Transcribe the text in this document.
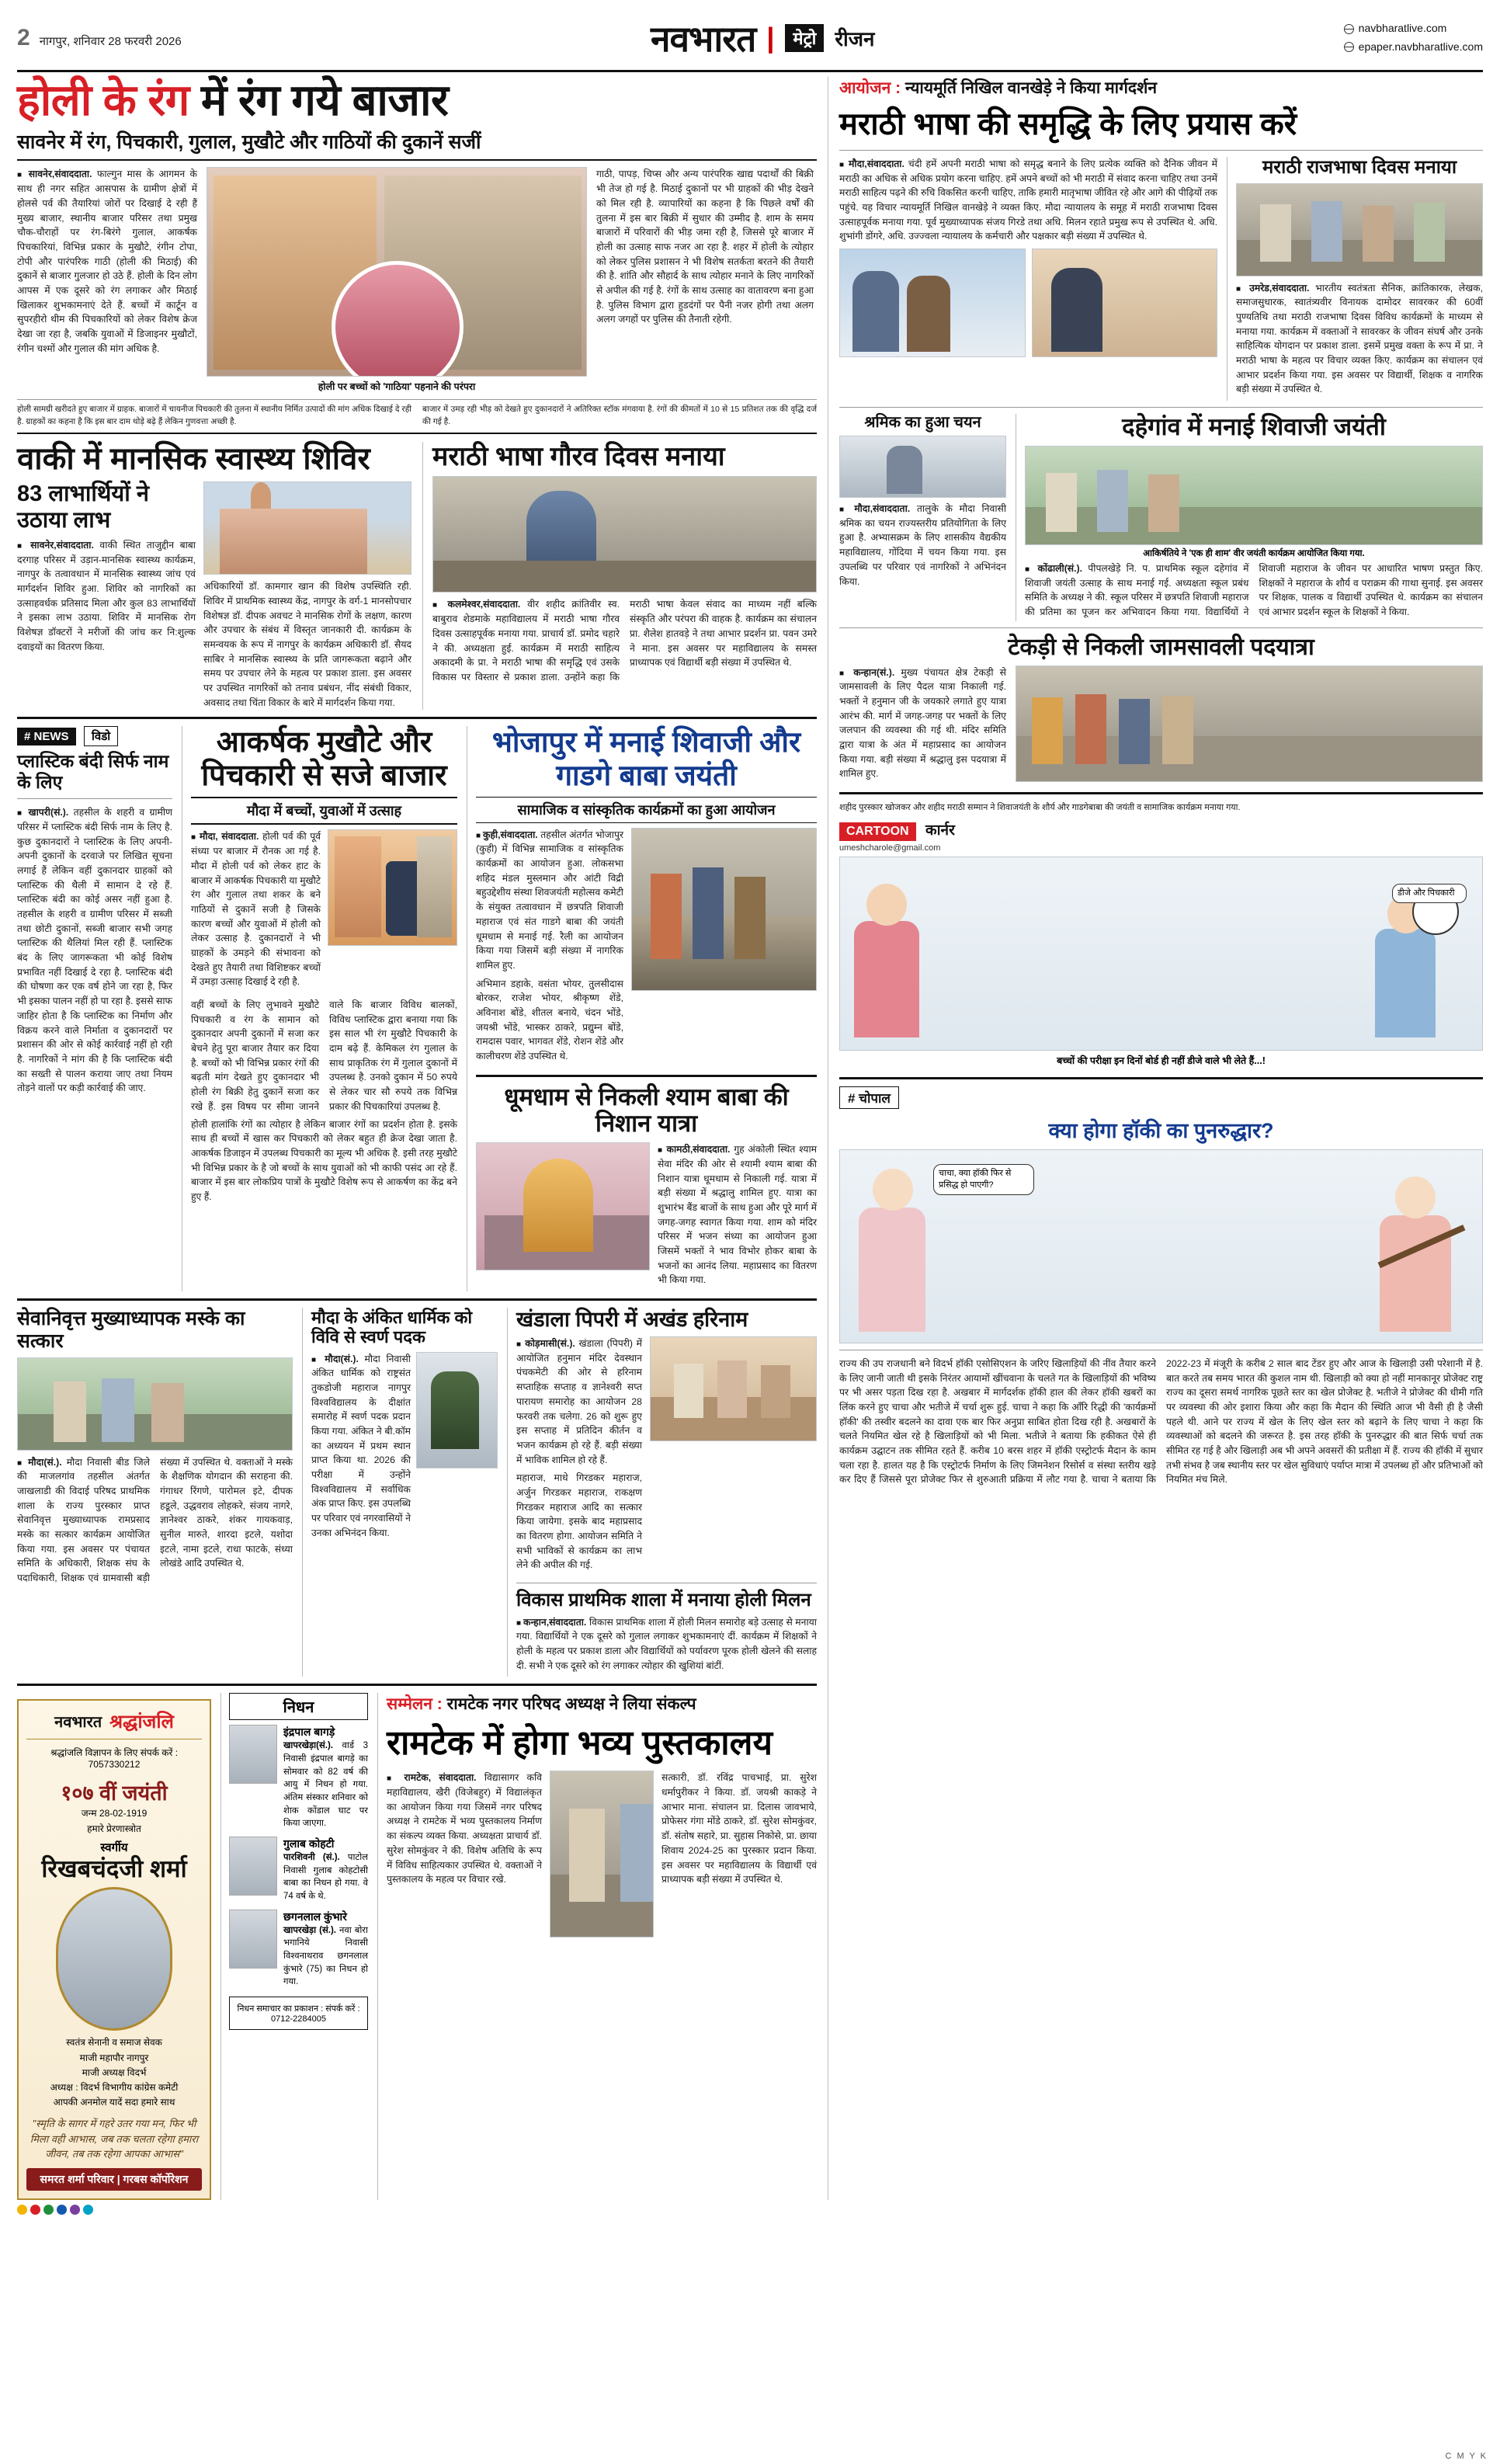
2 नागपुर, शनिवार 28 फरवरी 2026	नवभारत |	मेट्रो रीजन	navbharatlive.com
epaper.navbharatlive.com
होली के रंग में रंग गये बाजार
सावनेर में रंग, पिचकारी, गुलाल, मुखौटे और गाठियों की दुकानें सजीं

■ सावनेर,संवाददाता. फाल्गुन मास के आगमन के साथ ही नगर सहित आसपास के ग्रामीण क्षेत्रों में होलसे पर्व की तैयारियां जोरों पर दिखाई दे रही हैं मुख्य बाजार, स्थानीय बाजार परिसर तथा प्रमुख चौक-चौराहों पर रंग-बिरंगे गुलाल, आकर्षक पिचकारियां, विभिन्न प्रकार के मुखौटे, रंगीन टोपा, टोपी और पारंपरिक गाठी (होली की मिठाई) की दुकानें से बाजार गुलजार हो उठे हैं. होली के दिन लोग आपस में एक दूसरे को रंग लगाकर और मिठाई खिलाकर शुभकामनाएं देते हैं. बच्चों में कार्टून व सुपरहीरो थीम की पिचकारियों को लेकर विशेष क्रेज देखा जा रहा है, जबकि युवाओं में डिजाइनर मुखौटों, रंगीन चश्मों और गुलाल की मांग अधिक है.

होली पर बच्चों को 'गाठिया' पहनाने की परंपरा

गाठी, पापड़, चिप्स और अन्य पारंपरिक खाद्य पदार्थों की बिक्री भी तेज हो गई है. मिठाई दुकानों पर भी ग्राहकों की भीड़ देखने को मिल रही है. व्यापारियों का कहना है कि पिछले वर्षों की तुलना में इस बार बिक्री में सुधार की उम्मीद है. शाम के समय बाजारों में परिवारों की भीड़ जमा रही है, जिससे पूरे बाजार में होली का उत्साह साफ नजर आ रहा है. शहर में होली के त्योहार को लेकर पुलिस प्रशासन ने भी विशेष सतर्कता बरतने की तैयारी की है. शांति और सौहार्द के साथ त्योहार मनाने के लिए नागरिकों से अपील की गई है. रंगों के साथ उत्साह का वातावरण बना हुआ है. पुलिस विभाग द्वारा हुडदंगों पर पैनी नजर होगी तथा अलग अलग जगहों पर पुलिस की तैनाती रहेगी.

होली सामग्री खरीदते हुए बाजार में ग्राहक. बाजारों में चायनीज पिचकारी की तुलना में स्थानीय निर्मित उत्पादों की मांग अधिक दिखाई दे रही है. ग्राहकों का कहना है कि इस बार दाम थोड़े बढ़े हैं लेकिन गुणवत्ता अच्छी है.
बाजार में उमड़ रही भीड़ को देखते हुए दुकानदारों ने अतिरिक्त स्टॉक मंगवाया है. रंगों की कीमतों में 10 से 15 प्रतिशत तक की वृद्धि दर्ज की गई है.
वाकी में मानसिक स्वास्थ्य शिविर
83 लाभार्थियों ने उठाया लाभ

■ सावनेर,संवाददाता. वाकी स्थित ताजुद्दीन बाबा दरगाह परिसर में उड़ान-मानसिक स्वास्थ्य कार्यक्रम, नागपुर के तत्वावधान में मानसिक स्वास्थ्य जांच एवं मार्गदर्शन शिविर हुआ. शिविर को नागरिकों का उत्साहवर्धक प्रतिसाद मिला और कुल 83 लाभार्थियों ने इसका लाभ उठाया. शिविर में मानसिक रोग विशेषज्ञ डॉक्टरों ने मरीजों की जांच कर नि:शुल्क दवाइयों का वितरण किया.

अधिकारियों डॉ. कामगार खान की विशेष उपस्थिति रही. शिविर में प्राथमिक स्वास्थ्य केंद्र, नागपुर के वर्ग-1 मानसोपचार विशेषज्ञ डॉ. दीपक अवचट ने मानसिक रोगों के लक्षण, कारण और उपचार के संबंध में विस्तृत जानकारी दी. कार्यक्रम के समन्वयक के रूप में नागपुर के कार्यक्रम अधिकारी डॉ. सैयद साबिर ने मानसिक स्वास्थ्य के प्रति जागरूकता बढ़ाने और समय पर उपचार लेने के महत्व पर प्रकाश डाला. इस अवसर पर उपस्थित नागरिकों को तनाव प्रबंधन, नींद संबंधी विकार, अवसाद तथा चिंता विकार के बारे में मार्गदर्शन किया गया.
मराठी भाषा गौरव दिवस मनाया

■ कलमेश्वर,संवाददाता. वीर शहीद क्रांतिवीर स्व. बाबुराव शेडमाके महाविद्यालय में मराठी भाषा गौरव दिवस उत्साहपूर्वक मनाया गया. प्राचार्य डॉ. प्रमोद चहारे ने की. अध्यक्षता हुई. कार्यक्रम में मराठी साहित्य अकादमी के प्रा. ने मराठी भाषा की समृद्धि एवं उसके विकास पर विस्तार से प्रकाश डाला. उन्होंने कहा कि मराठी भाषा केवल संवाद का माध्यम नहीं बल्कि संस्कृति और परंपरा की वाहक है. कार्यक्रम का संचालन प्रा. शैलेश हातवड़े ने तथा आभार प्रदर्शन प्रा. पवन उमरे ने माना. इस अवसर पर महाविद्यालय के समस्त प्राध्यापक एवं विद्यार्थी बड़ी संख्या में उपस्थित थे.

# NEWS विडो
प्लास्टिक बंदी सिर्फ नाम के लिए

■ खापरी(सं.). तहसील के शहरी व ग्रामीण परिसर में प्लास्टिक बंदी सिर्फ नाम के लिए है. कुछ दुकानदारों ने प्लास्टिक के लिए अपनी-अपनी दुकानों के दरवाजे पर लिखित सूचना लगाई हैं लेकिन वहीं दुकानदार ग्राहकों को प्लास्टिक की थैली में सामान दे रहे हैं. प्लास्टिक बंदी का कोई असर नहीं हुआ है. तहसील के शहरी व ग्रामीण परिसर में सब्जी तथा छोटी दुकानों, सब्जी बाजार सभी जगह प्लास्टिक की थैलियां मिल रही हैं. प्लास्टिक बंद के लिए जागरूकता भी कोई विशेष प्रभावित नहीं दिखाई दे रहा है. प्लास्टिक बंदी की घोषणा कर एक वर्ष होने जा रहा है, फिर भी इसका पालन नहीं हो पा रहा है. इससे साफ जाहिर होता है कि प्लास्टिक का निर्माण और विक्रय करने वाले निर्माता व दुकानदारों पर प्रशासन की ओर से कोई कार्रवाई नहीं हो रही है. नागरिकों ने मांग की है कि प्लास्टिक बंदी का सख्ती से पालन कराया जाए तथा नियम तोड़ने वालों पर कड़ी कार्रवाई की जाए.

आकर्षक मुखौटे और
पिचकारी से सजे बाजार
मौदा में बच्चों, युवाओं में उत्साह

■ मौदा, संवाददाता. होली पर्व की पूर्व संध्या पर बाजार में रौनक आ गई है. मौदा में होली पर्व को लेकर हाट के बाजार में आकर्षक पिचकारी या मुखौटे रंग और गुलाल तथा शकर के बने गाठियों से दुकानें सजी है जिसके कारण बच्चों और युवाओं में होली को लेकर उत्साह है. दुकानदारों ने भी ग्राहकों के उमड़ने की संभावना को देखते हुए तैयारी तथा विशिष्टकर बच्चों में उमड़ा उत्साह दिखाई दे रही है.

वहीं बच्चों के लिए लुभावने मुखौटे पिचकारी व रंग के सामान को दुकानदार अपनी दुकानों में सजा कर बेचने हेतु पूरा बाजार तैयार कर दिया है. बच्चों को भी विभिन्न प्रकार रंगों की बढ़ती मांग देखते हुए दुकानदार भी होली रंग बिक्री हेतु दुकानें सजा कर रखे हैं. इस विषय पर सीमा जानने वाले कि बाजार विविध बालकों, विविध प्लास्टिक द्वारा बनाया गया कि इस साल भी रंग मुखौटे पिचकारी के दाम बढ़े हैं. केमिकल रंग गुलाल के साथ प्राकृतिक रंग में गुलाल दुकानों में उपलब्ध है. उनको दुकान में 50 रुपये से लेकर चार सौ रुपये तक विभिन्न प्रकार की पिचकारियां उपलब्ध है.
होली हालांकि रंगों का त्योहार है लेकिन बाजार रंगों का प्रदर्शन होता है. इसके साथ ही बच्चों में खास कर पिचकारी को लेकर बहुत ही क्रेज देखा जाता है. आकर्षक डिजाइन में उपलब्ध पिचकारी का मूल्य भी अधिक है. इसी तरह मुखौटे भी विभिन्न प्रकार के है जो बच्चों के साथ युवाओं को भी काफी पसंद आ रहे हैं. बाजार में इस बार लोकप्रिय पात्रों के मुखौटे विशेष रूप से आकर्षण का केंद्र बने हुए हैं.
भोजापुर में मनाई शिवाजी और गाडगे बाबा जयंती
सामाजिक व सांस्कृतिक कार्यक्रमों का हुआ आयोजन

■ कुही,संवाददाता. तहसील अंतर्गत भोजापुर (कुही) में विभिन्न सामाजिक व सांस्कृतिक कार्यक्रमों का आयोजन हुआ. लोकसभा शहिद मंडल मुस्लमान और आंटी विद्री बहुउद्देशीय संस्था शिवजयंती महोत्सव कमेटी के संयुक्त तत्वावधान में छत्रपति शिवाजी महाराज एवं संत गाडगे बाबा की जयंती धूमधाम से मनाई गई. रैली का आयोजन किया गया जिसमें बड़ी संख्या में नागरिक शामिल हुए.

अभिमान डहाके, वसंता भोयर, तुलसीदास बोरकर, राजेश भोयर, श्रीकृष्ण शेंडे, अविनाश बोंडे, शीतल बनाये, चंदन भोंडे, जयश्री भोंडे, भास्कर ठाकरे, प्रद्युम्न बोंडे, रामदास पवार, भागवत शेंडे, रोशन शेंडे और कालीचरण शेंडे उपस्थित थे.

धूमधाम से निकली श्याम बाबा की निशान यात्रा

■ कामठी,संवाददाता. गुह अंकोली स्थित श्याम सेवा मंदिर की ओर से श्यामी श्याम बाबा की निशान यात्रा धूमधाम से निकाली गई. यात्रा में बड़ी संख्या में श्रद्धालु शामिल हुए. यात्रा का शुभारंभ बैंड बाजों के साथ हुआ और पूरे मार्ग में जगह-जगह स्वागत किया गया. शाम को मंदिर परिसर में भजन संध्या का आयोजन हुआ जिसमें भक्तों ने भाव विभोर होकर बाबा के भजनों का आनंद लिया. महाप्रसाद का वितरण भी किया गया.

सेवानिवृत्त मुख्याध्यापक मस्के का सत्कार

■ मौदा(सं.). मौदा निवासी बीड जिले की माजलगांव तहसील अंतर्गत जाखलाडी की विदाई परिषद प्राथमिक शाला के राज्य पुरस्कार प्राप्त सेवानिवृत्त मुख्याध्यापक रामप्रसाद मस्के का सत्कार कार्यक्रम आयोजित किया गया. इस अवसर पर पंचायत समिति के अधिकारी, शिक्षक संघ के पदाधिकारी, शिक्षक एवं ग्रामवासी बड़ी संख्या में उपस्थित थे. वक्ताओं ने मस्के के शैक्षणिक योगदान की सराहना की. गंगाधर रिंगणे, पारोमल इटे, दीपक हडूले, उद्धवराव लोहकरे, संजय नागरे, ज्ञानेश्वर ठाकरे, शंकर गायकवाड़, सुनील मारुते, शारदा इटले, यशोदा इटले, नामा इटले, राधा फाटके, संध्या लोखंडे आदि उपस्थित थे.

मौदा के अंकित धार्मिक को विवि से स्वर्ण पदक

■ मौदा(सं.). मौदा निवासी अंकित धार्मिक को राष्ट्रसंत तुकडोजी महाराज नागपुर विश्वविद्यालय के दीक्षांत समारोह में स्वर्ण पदक प्रदान किया गया. अंकित ने बी.कॉम का अध्ययन में प्रथम स्थान प्राप्त किया था. 2026 की परीक्षा में उन्होंने विश्वविद्यालय में सर्वाधिक अंक प्राप्त किए. इस उपलब्धि पर परिवार एवं नगरवासियों ने उनका अभिनंदन किया.

खंडाला पिपरी में अखंड हरिनाम

■ कोड़मासी(सं.). खंडाला (पिपरी) में आयोजित हनुमान मंदिर देवस्थान पंचकमेटी की ओर से हरिनाम सप्ताहिक सप्ताह व ज्ञानेश्वरी सप्त पारायण समारोह का आयोजन 28 फरवरी तक चलेगा. 26 को शुरू हुए इस सप्ताह में प्रतिदिन कीर्तन व भजन कार्यक्रम हो रहे हैं. बड़ी संख्या में भाविक शामिल हो रहे हैं.

महाराज, माधे गिरडकर महाराज, अर्जुन गिरडकर महाराज, राकक्षण गिरडकर महाराज आदि का सत्कार किया जायेगा. इसके बाद महाप्रसाद का वितरण होगा. आयोजन समिति ने सभी भाविकों से कार्यक्रम का लाभ लेने की अपील की गई.

विकास प्राथमिक शाला में मनाया होली मिलन

■ कन्हान,संवाददाता. विकास प्राथमिक शाला में होली मिलन समारोह बड़े उत्साह से मनाया गया. विद्यार्थियों ने एक दूसरे को गुलाल लगाकर शुभकामनाएं दीं. कार्यक्रम में शिक्षकों ने होली के महत्व पर प्रकाश डाला और विद्यार्थियों को पर्यावरण पूरक होली खेलने की सलाह दी. सभी ने एक दूसरे को रंग लगाकर त्योहार की खुशियां बांटीं.

नवभारत श्रद्धांजलि
श्रद्धांजलि विज्ञापन के लिए संपर्क करें : 7057330212
१०७ वीं जयंती
जन्म 28-02-1919
हमारे प्रेरणास्त्रोत
स्वर्गीय
रिखबचंदजी शर्मा
स्वतंत्र सेनानी व समाज सेवक
माजी महापौर नागपुर
माजी अध्यक्ष विदर्भ
अध्यक्ष : विदर्भ विभागीय कांग्रेस कमेटी
आपकी अनमोल यादें सदा हमारे साथ
"स्मृति के सागर में गहरे उतर गया मन, फिर भी मिला वही आभास, जब तक चलता रहेगा हमारा जीवन, तब तक रहेगा आपका आभास"
समरत शर्मा परिवार | गरबस कॉर्पोरेशन
निधन
इंद्रपाल बागड़े
खापरखेड़ा(सं.). वार्ड 3 निवासी इंद्रपाल बागड़े का सोमवार को 82 वर्ष की आयु में निधन हो गया. अंतिम संस्कार शनिवार को शेाक कोंडाल घाट पर किया जाएगा.
गुलाब कोहटी
पारशिवनी (सं.). पाटोल निवासी गुलाब कोहटोसी बाबा का निधन हो गया. वे 74 वर्ष के थे.
छगनलाल कुंभारे
खापरखेड़ा (सं.). नवा बोरा भगानिये निवासी विश्वनाथराव छगनलाल कुंभारे (75) का निधन हो गया.
निधन समाचार का प्रकाशन : संपर्क करें : 0712-2284005
सम्मेलन : रामटेक नगर परिषद अध्यक्ष ने लिया संकल्प
रामटेक में होगा भव्य पुस्तकालय

■ रामटेक, संवाददाता. विद्यासागर कवि महाविद्यालय, खैरी (विजेबहुर) में विद्यालंकृत का आयोजन किया गया जिसमें नगर परिषद अध्यक्ष ने रामटेक में भव्य पुस्तकालय निर्माण का संकल्प व्यक्त किया. अध्यक्षता प्राचार्य डॉ. सुरेश सोमकुंवर ने की. विशेष अतिथि के रूप में विविध साहित्यकार उपस्थित थे. वक्ताओं ने पुस्तकालय के महत्व पर विचार रखे.

सत्कारी, डॉ. रविंद्र पाचभाई, प्रा. सुरेश धर्मापुरीकर ने किया. डॉ. जयश्री काकड़े ने आभार माना. संचालन प्रा. दिलास जावभाये, प्रोफेसर गंगा मोंडे ठाकरे, डॉ. सुरेश सोमकुंवर, डॉ. संतोष सहारे, प्रा. सुहास निकोसे, प्रा. छाया शिवाय 2024-25 का पुरस्कार प्रदान किया. इस अवसर पर महाविद्यालय के विद्यार्थी एवं प्राध्यापक बड़ी संख्या में उपस्थित थे.
आयोजन : न्यायमूर्ति निखिल वानखेड़े ने किया मार्गदर्शन
मराठी भाषा की समृद्धि के लिए प्रयास करें

■ मौदा,संवाददाता. चंदी हमें अपनी मराठी भाषा को समृद्ध बनाने के लिए प्रत्येक व्यक्ति को दैनिक जीवन में मराठी का अधिक से अधिक प्रयोग करना चाहिए. हमें अपने बच्चों को भी मराठी में संवाद करना चाहिए तथा उनमें मराठी साहित्य पढ़ने की रुचि विकसित करनी चाहिए, ताकि हमारी मातृभाषा जीवित रहे और आगे की पीढ़ियों तक पहुंचे. यह विचार न्यायमूर्ति निखिल वानखेड़े ने व्यक्त किए. मौदा न्यायालय के समूह में मराठी राजभाषा दिवस उत्साहपूर्वक मनाया गया. पूर्व मुख्याध्यापक संजय गिरडे तथा अधि. मिलन रहाते प्रमुख रूप से उपस्थित थे. अधि. शुभांगी डोंगरे, अधि. उज्ज्वला न्यायालय के कर्मचारी और पक्षकार बड़ी संख्या में उपस्थित थे.

मराठी राजभाषा दिवस मनाया

■ उमरेड,संवाददाता. भारतीय स्वतंत्रता सैनिक, क्रांतिकारक, लेखक, समाजसुधारक, स्वातंत्र्यवीर विनायक दामोदर सावरकर की 60वीं पुण्यतिथि तथा मराठी राजभाषा दिवस विविध कार्यक्रमों के माध्यम से मनाया गया. कार्यक्रम में वक्ताओं ने सावरकर के जीवन संघर्ष और उनके साहित्यिक योगदान पर प्रकाश डाला. इसमें प्रमुख वक्ता के रूप में प्रा. ने मराठी भाषा के महत्व पर विचार व्यक्त किए. कार्यक्रम का संचालन एवं आभार प्रदर्शन किया गया. इस अवसर पर विद्यार्थी, शिक्षक व नागरिक बड़ी संख्या में उपस्थित थे.

श्रमिक का हुआ चयन

■ मौदा,संवाददाता. तालुके के मौदा निवासी श्रमिक का चयन राज्यस्तरीय प्रतियोगिता के लिए हुआ है. अभ्यासक्रम के लिए शासकीय वैद्यकीय महाविद्यालय, गोंदिया में चयन किया गया. इस उपलब्धि पर परिवार एवं नागरिकों ने अभिनंदन किया.

दहेगांव में मनाई शिवाजी जयंती
आकिर्षतिये ने 'एक ही शाम' वीर जयंती कार्यक्रम आयोजित किया गया.

■ कोंढाली(सं.). पीपलखेड़े नि. प. प्राथमिक स्कूल दहेगांव में शिवाजी जयंती उत्साह के साथ मनाई गई. अध्यक्षता स्कूल प्रबंध समिति के अध्यक्ष ने की. स्कूल परिसर में छत्रपति शिवाजी महाराज की प्रतिमा का पूजन कर अभिवादन किया गया. विद्यार्थियों ने शिवाजी महाराज के जीवन पर आधारित भाषण प्रस्तुत किए. शिक्षकों ने महाराज के शौर्य व पराक्रम की गाथा सुनाई. इस अवसर पर शिक्षक, पालक व विद्यार्थी उपस्थित थे. कार्यक्रम का संचालन एवं आभार प्रदर्शन स्कूल के शिक्षकों ने किया.

टेकड़ी से निकली जामसावली पदयात्रा

■ कन्हान(सं.). मुख्य पंचायत क्षेत्र टेकड़ी से जामसावली के लिए पैदल यात्रा निकाली गई. भक्तों ने हनुमान जी के जयकारे लगाते हुए यात्रा आरंभ की. मार्ग में जगह-जगह पर भक्तों के लिए जलपान की व्यवस्था की गई थी. मंदिर समिति द्वारा यात्रा के अंत में महाप्रसाद का आयोजन किया गया. बड़ी संख्या में श्रद्धालु इस पदयात्रा में शामिल हुए.

शहीद पुरस्कार खोजकर और शहीद मराठी सम्मान ने शिवाजयंती के शौर्य और गाडगेबाबा की जयंती व सामाजिक कार्यक्रम मनाया गया.
CARTOON कार्नर
umeshcharole@gmail.com
डीजे और पिचकारी
बच्चों की परीक्षा इन दिनों बोर्ड ही नहीं डीजे वाले भी लेते हैं...!
# चोपाल
क्या होगा हॉकी का पुनरुद्धार?
चाचा, क्या हॉकी फिर से प्रसिद्ध हो पाएगी?
राज्य की उप राजधानी बने विदर्भ हॉकी एसोसिएशन के जरिए खिलाड़ियों की नींव तैयार करने के लिए जानी जाती थी इसके निरंतर आयामों खींचवाना के चलते गत के खिलाड़ियों की भविष्य पर भी असर पड़ता दिख रहा है. अखबार में मार्गदर्शक हॉकी हाल की लेकर हॉकी खबरों का लिंक करने हुए चाचा और भतीजे में चर्चा शुरू हुई. चाचा ने कहा कि आँरि रिद्धी की 'कार्यक्रमों हॉकी' की तस्वीर बदलने का दावा एक बार फिर अनुप्रा साबित होता दिख रही है. अखबारों के चलते नियमित खेल रहे है खिलाड़ियों को भी मिला. भतीजे ने बताया कि हकीकत ऐसे ही कार्यक्रम उद्घाटन तक सीमित रहते हैं. करीब 10 बरस शहर में हॉकी एस्ट्रोटर्फ मैदान के काम चला रहा है. हालत यह है कि एस्ट्रोटर्फ निर्माण के लिए जिमनेशन रिसोर्स व संस्था स्तरीय खड़े कर दिए हैं जिससे पूरा प्रोजेक्ट फिर से शुरुआती प्रक्रिया में लौट गया है. चाचा ने बताया कि 2022-23 में मंजूरी के करीब 2 साल बाद टेंडर हुए और आज के खिलाड़ी उसी परेशानी में है. बात करते तब समय भारत की कुशल नाम थी. खिलाड़ी को क्या हो नहीं मानकानूर प्रोजेक्ट राष्ट्र राज्य का दूसरा समर्थ नागरिक पूछते स्तर का खेल प्रोजेक्ट है. भतीजे ने प्रोजेक्ट की धीमी गति पर व्यवस्था की ओर इशारा किया और कहा कि मैदान की स्थिति आज भी वैसी ही है जैसी पहले थी. आने पर राज्य में खेल के लिए खेल स्तर को बढ़ाने के लिए चाचा ने कहा कि व्यवस्थाओं को बदलने की जरूरत है. इस तरह हॉकी के पुनरुद्धार की बात सिर्फ चर्चा तक सीमित रह गई है और खिलाड़ी अब भी अपने अवसरों की प्रतीक्षा में हैं. राज्य की हॉकी में सुधार तभी संभव है जब स्थानीय स्तर पर खेल सुविधाएं पर्याप्त मात्रा में उपलब्ध हों और प्रतिभाओं को नियमित मंच मिले.
C M Y K
